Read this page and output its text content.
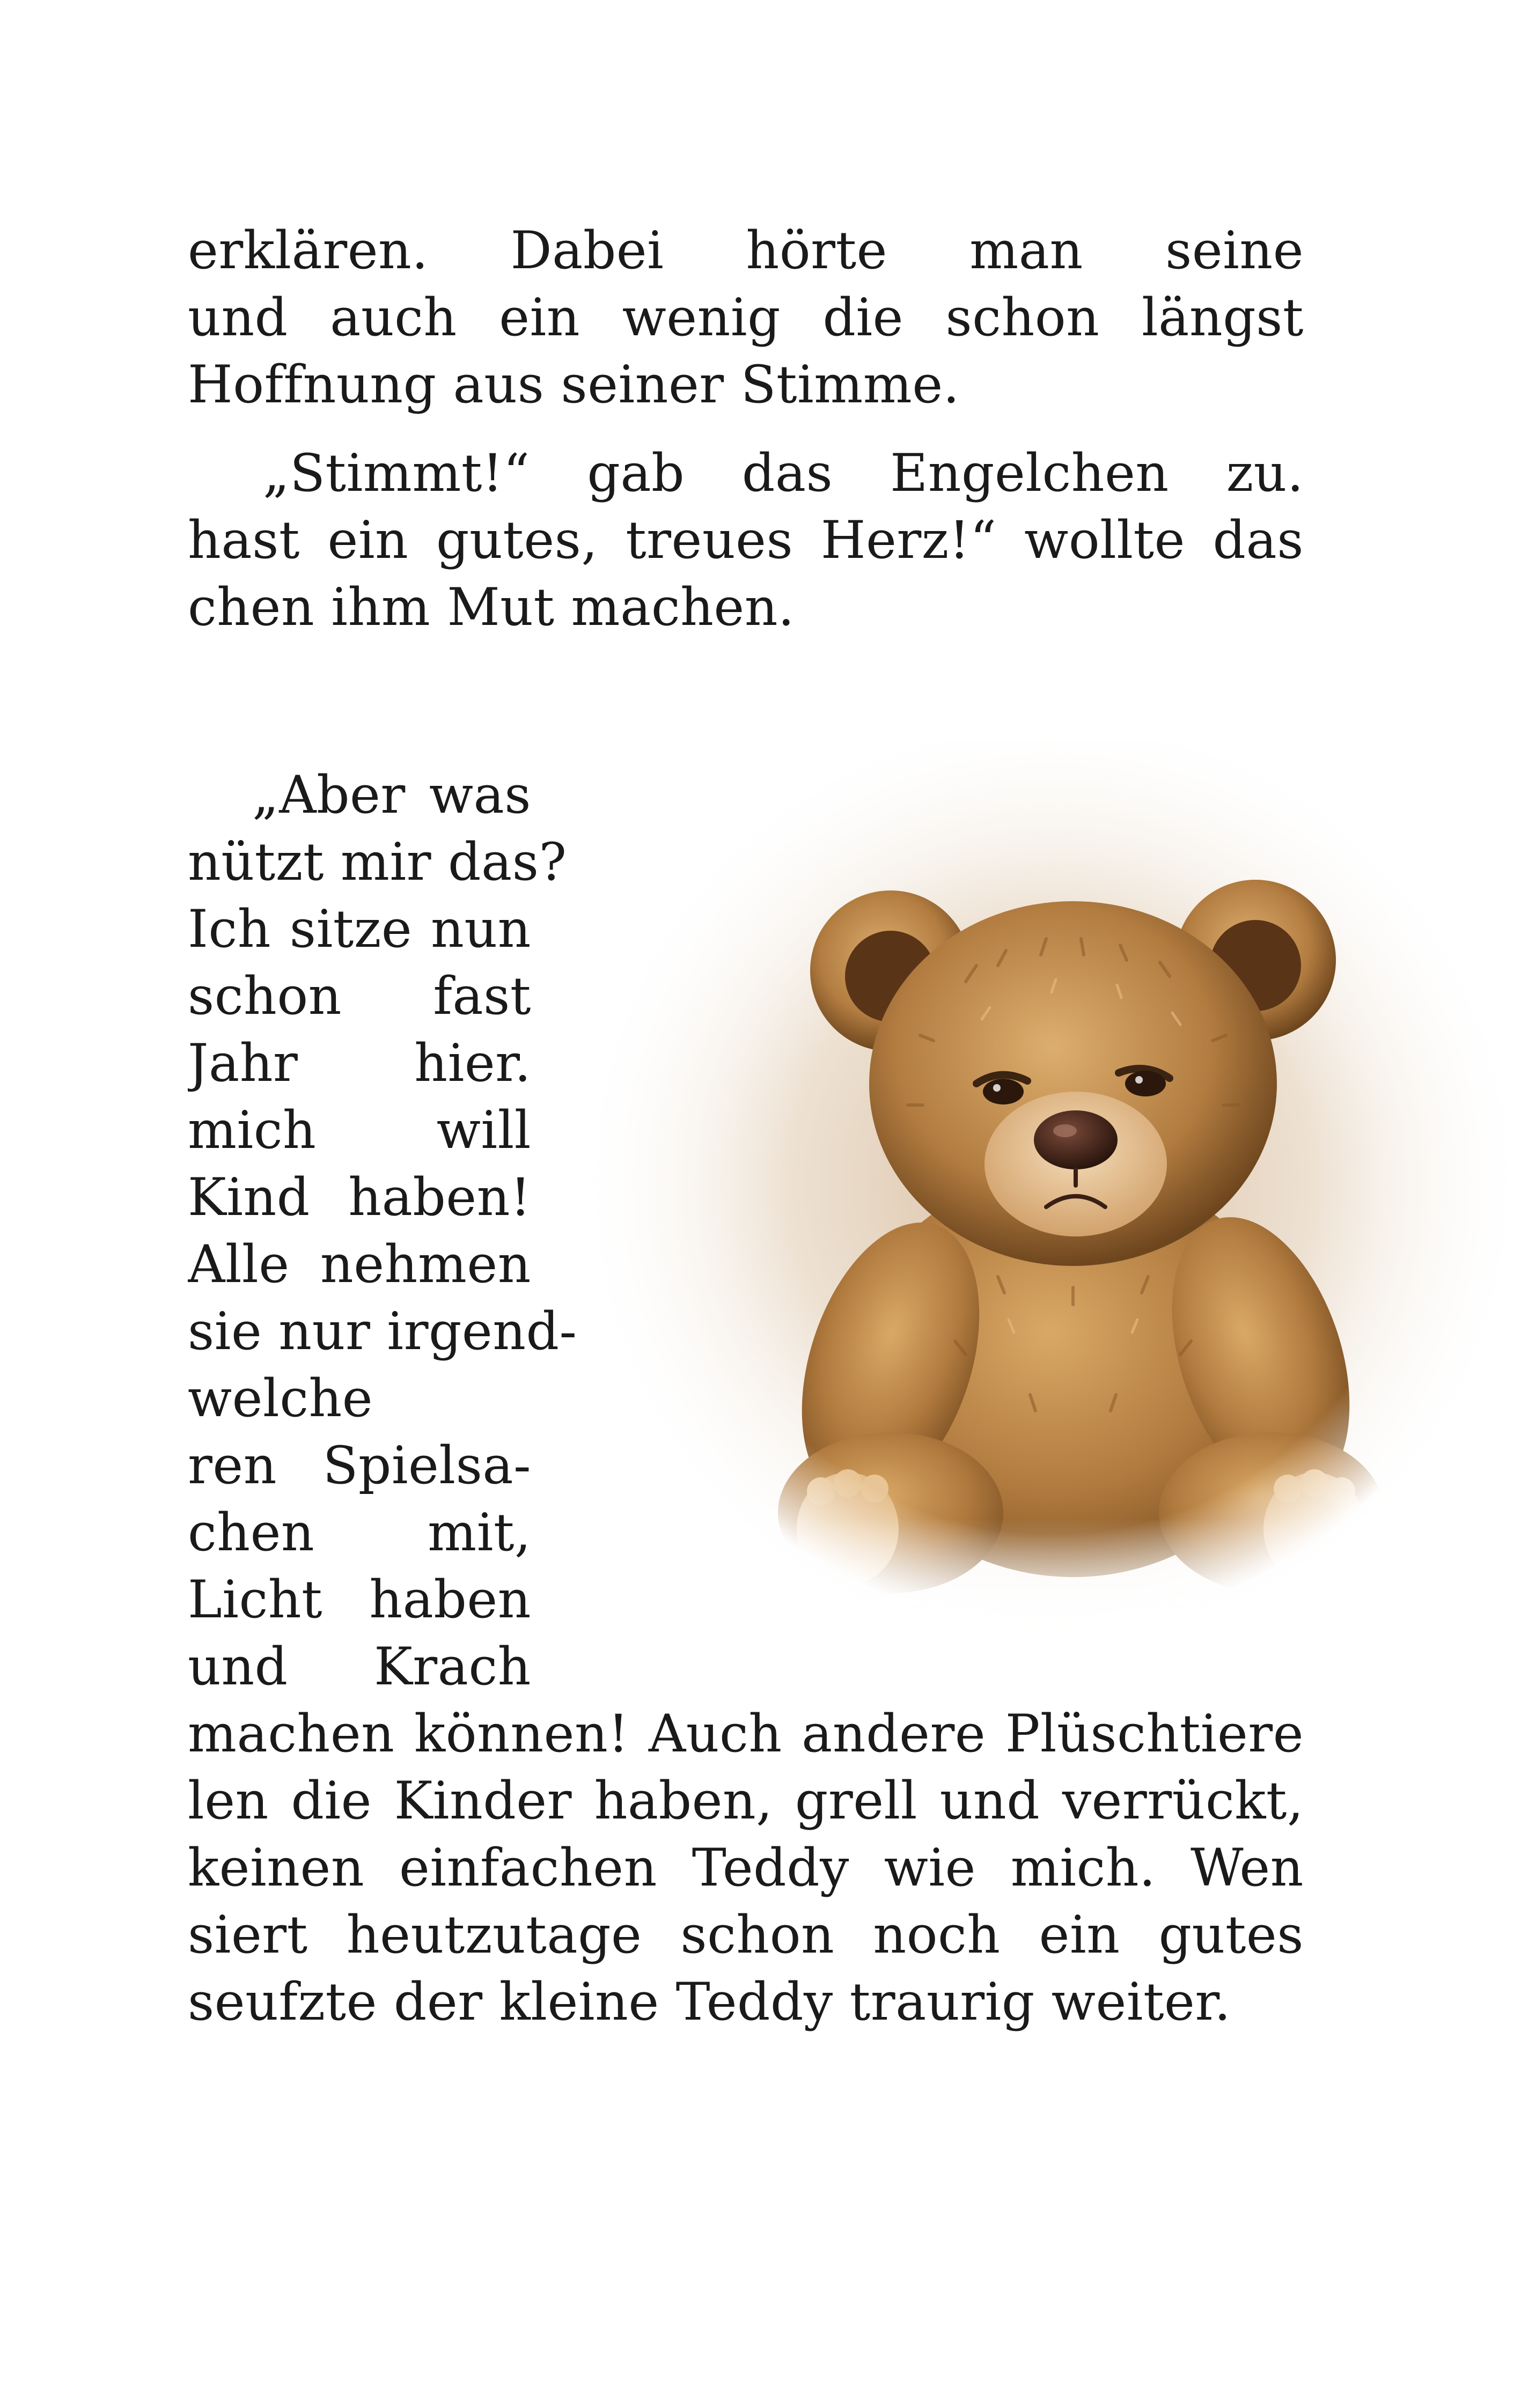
erklären. Dabei hörte man seine
und auch ein wenig die schon längst
Hoffnung aus seiner Stimme.
„Stimmt!“ gab das Engelchen zu.
hast ein gutes, treues Herz!“ wollte das
chen ihm Mut machen.
„Aber was
nützt mir das?
Ich sitze nun
schon fast
Jahr hier.
mich will
Kind haben!
Alle nehmen
sie nur irgend-
welche
ren Spielsa-
chen mit,
Licht haben
und Krach
machen können! Auch andere Plüschtiere
len die Kinder haben, grell und verrückt,
keinen einfachen Teddy wie mich. Wen
siert heutzutage schon noch ein gutes
seufzte der kleine Teddy traurig weiter.
